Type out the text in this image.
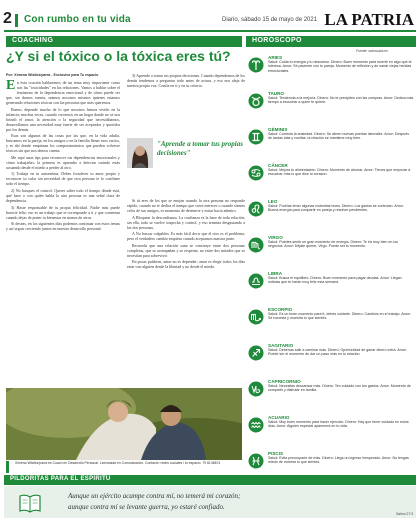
2 Con rumbo en tu vida	Diario, sábado 15 de mayo de 2021 LA PATRIA
COACHING
¿Y si el tóxico o la tóxica eres tú?
Por: Ximena Wistlez/parra - Exclusivo para Tu espacio

En ésta ocasión hablaremos de un tema muy importante como son las "toxicidades" en las relaciones. Vamos a hablar sobre el fenómeno de la dependencia emocional y de cómo puede ser que, sin darnos cuenta, seamos nosotros mismos quienes estamos generando relaciones tóxicas con las personas que más queremos.

Bueno, depende mucho de lo que nosotros hemos vivido en la infancia; muchas veces, cuando crecemos en un hogar donde no se nos brindó el amor, la atención o la seguridad que necesitábamos, desarrollamos una necesidad muy fuerte de ser aceptados y queridos por los demás.

Esas son algunas de las cosas por las que, en la vida adulta, buscamos en la pareja, en los amigos o en la familia llenar esos vacíos, y es ahí donde empiezan los comportamientos que pueden volverse tóxicos sin que nos demos cuenta.

Me aquí unas tips para reconocer tus dependencias emocionales y cómo trabajarlas: la primera es aprender a detectar cuándo estás actuando desde el miedo a perder al otro.

1) Trabaja en tu autoestima. Debes fortalecer tu amor propio y reconocer tu valor sin necesidad de que otra persona te lo confirme todo el tiempo.

2) No busques el control. Querer saber todo el tiempo dónde está, qué hace o con quién habla la otra persona es una señal clara de dependencia.

3) Haste responsable de tu propia felicidad. Nadie más puede hacerte feliz; eso es un trabajo que te corresponde a ti y que comienza cuando dejas de poner tu bienestar en manos de otros.

Si deseas, en los siguientes días podemos continuar con estos temas y así seguir creciendo juntos en nuestro desarrollo personal.

3) Aprende a tomar tus propias decisiones. Cuando dependemos de los demás tendemos a preguntar todo antes de actuar, y eso nos aleja de nuestra propia voz. Confía en ti y en tu criterio.

"Aprende a tomar tus propias decisiones"

Si tú eres de los que se enojan cuando la otra persona no responde rápido, cuando no te dedica el tiempo que crees merecer o cuando sientes celos de sus amigos, es momento de detenerte y mirar hacia adentro.

A Bloquear la desconfianza. La confianza es la base de toda relación; sin ella, todo se vuelve sospecha y control, y eso termina desgastando a las dos personas.

A No buscar culpables. Es más fácil decir que el otro es el problema, pero el verdadero cambio empieza cuando aceptamos nuestra parte.

Recuerda que una relación sana se construye entre dos personas completas, que se acompañan y se respetan, no entre dos mitades que se necesitan para sobrevivir.

En pocas palabras, amar no es depender; amar es elegir todos los días estar con alguien desde la libertad y no desde el miedo.

Ximena Wistlez/parra es Coach en Desarrollo Personal. Licenciada en Comunicación. Contacto: redes sociales / tu espacio. 79 8136874
HORÓSCOPO
Fuente: astrosuba.es
ARIES
Salud: Cuida tu energía y tu descanso. Dinero: Buen momento para invertir en algo que te interesa. Amor: Sé paciente con tu pareja. Momento de reflexión y de sanar viejas heridas emocionales.
TAURO
Salud: Tendencia a la mejoría. Dinero: No te precipites con las compras. Amor: Dedica más tiempo a escuchar a quien te quiere.
GÉMINIS
Salud: Controla la ansiedad. Dinero: Se abren nuevas puertas laborales. Amor: Después de tantas idas y vueltas, la relación se mantiene muy bien.
CÁNCER
Salud: Mejora tu alimentación. Dinero: Momento de ahorrar. Amor: Tienes que empezar a escuchar más lo que dice tu corazón.
LEO
Salud: Podrías tener algunas molestias leves. Dinero: Los gastos se controlan. Amor: Buena energía para compartir en pareja y resolver pendientes.
VIRGO
Salud: Puedes sentir un gran momento de energía. Dinero: Te irá muy bien en los negocios. Amor: Déjate querer, Virgo. Puede ser tu momento.
LIBRA
Salud: Busca el equilibrio. Dinero: Buen momento para pagar deudas. Amor: Llegan noticias que te harán muy feliz esta semana.
ESCORPIO
Salud: Es un buen momento para ti, debes cuidarte. Dinero: Cambios en el trabajo. Amor: Sé honesta y muestra lo que sientes.
SAGITARIO
Salud: Deberías salir a caminar más. Dinero: Oportunidad de ganar dinero extra. Amor: Puede ser el momento de dar un paso más en tu relación.
CAPRICORNIO
Salud: Necesitas descansar más. Dinero: Ten cuidado con tus gastos. Amor: Momento de compartir y disfrutar en familia.
ACUARIO
Salud: Muy buen momento para hacer ejercicio. Dinero: Hay que tener cuidado en estos días. Amor: Alguien especial aparecerá en tu vida.
PISCIS
Salud: Evita preocuparte de más. Dinero: Llega un ingreso inesperado. Amor: No tengas miedo de mostrar lo que sientes.
PILDORITAS PARA EL ESPÍRITU
Aunque un ejército acampe contra mí, no temerá mi corazón;
aunque contra mí se levante guerra, yo estaré confiado.
Salmo 27:3
